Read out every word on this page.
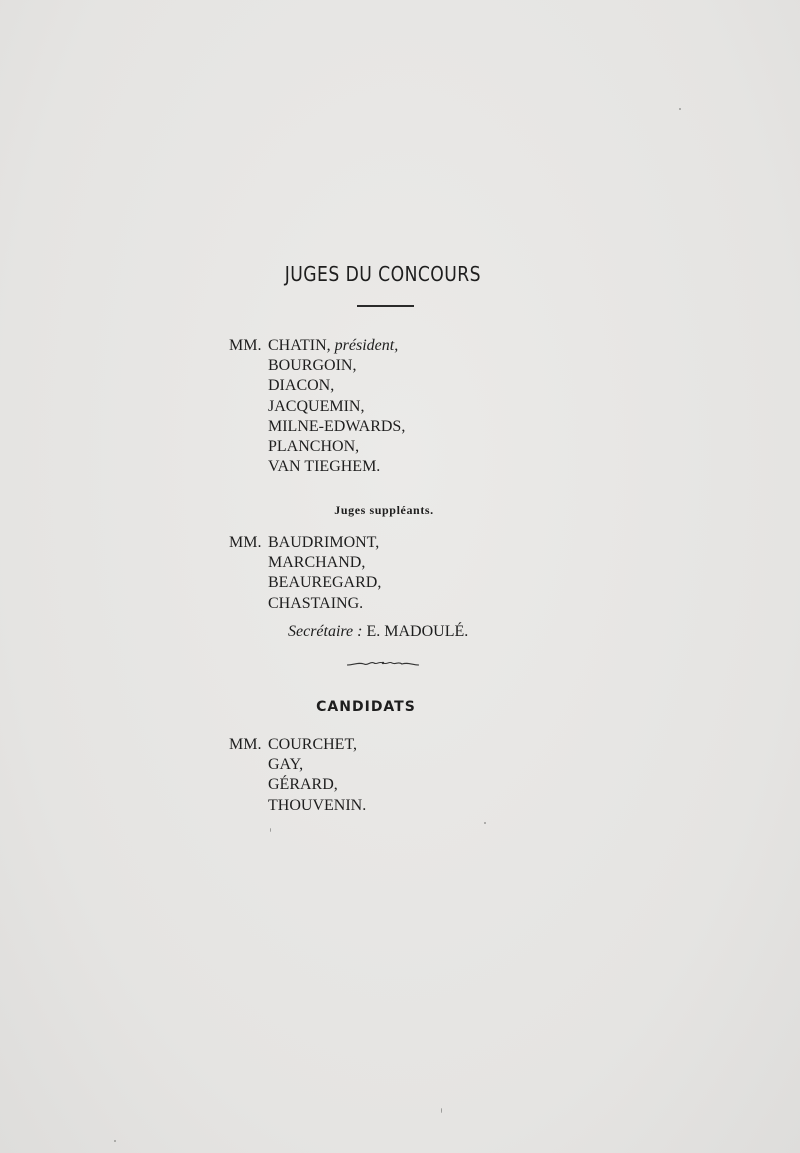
JUGES DU CONCOURS
MM. CHATIN, président,
BOURGOIN,
DIACON,
JACQUEMIN,
MILNE-EDWARDS,
PLANCHON,
VAN TIEGHEM.
Juges suppléants.
MM. BAUDRIMONT,
MARCHAND,
BEAUREGARD,
CHASTAING.
Secrétaire : E. MADOULÉ.
CANDIDATS
MM. COURCHET,
GAY,
GÉRARD,
THOUVENIN.
